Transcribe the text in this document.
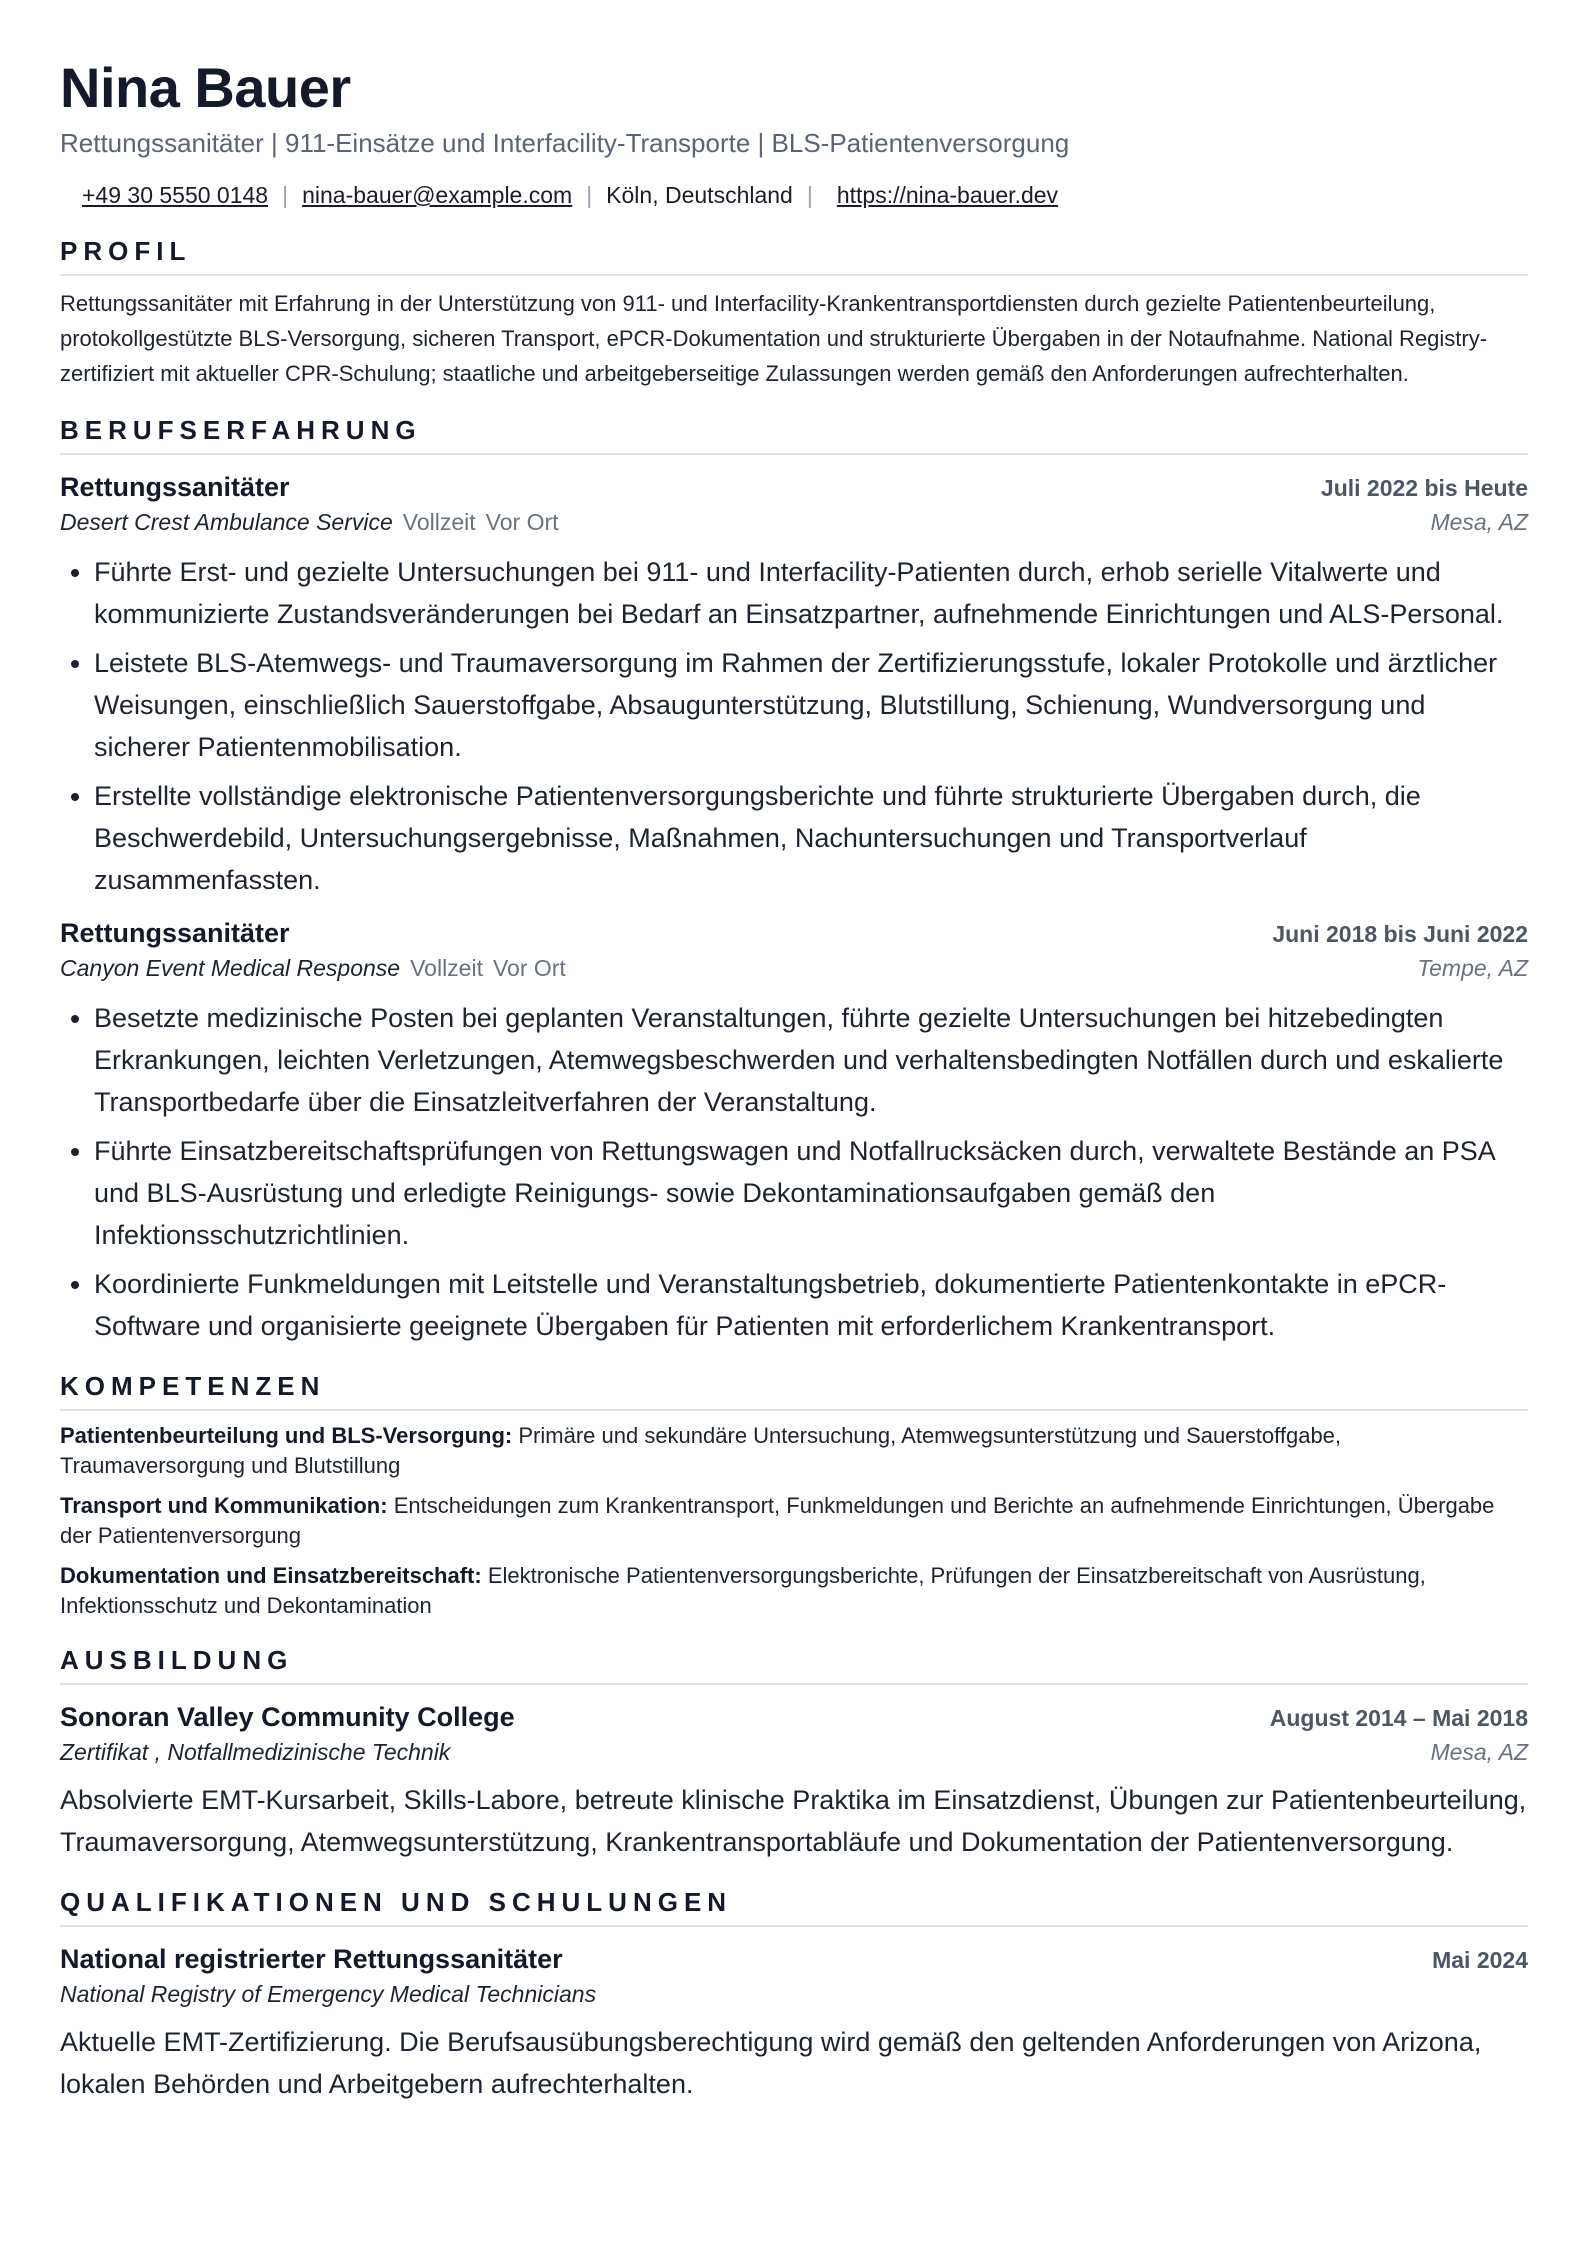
Nina Bauer
Rettungssanitäter | 911-Einsätze und Interfacility-Transporte | BLS-Patientenversorgung
+49 30 5550 0148 | nina-bauer@example.com | Köln, Deutschland | https://nina-bauer.dev
PROFIL
Rettungssanitäter mit Erfahrung in der Unterstützung von 911- und Interfacility-Krankentransportdiensten durch gezielte Patientenbeurteilung, protokollgestützte BLS-Versorgung, sicheren Transport, ePCR-Dokumentation und strukturierte Übergaben in der Notaufnahme. National Registry-zertifiziert mit aktueller CPR-Schulung; staatliche und arbeitgeberseitige Zulassungen werden gemäß den Anforderungen aufrechterhalten.
BERUFSERFAHRUNG
Rettungssanitäter	Juli 2022 bis Heute
Desert Crest Ambulance Service Vollzeit Vor Ort	Mesa, AZ
• Führte Erst- und gezielte Untersuchungen bei 911- und Interfacility-Patienten durch, erhob serielle Vitalwerte und kommunizierte Zustandsveränderungen bei Bedarf an Einsatzpartner, aufnehmende Einrichtungen und ALS-Personal.
• Leistete BLS-Atemwegs- und Traumaversorgung im Rahmen der Zertifizierungsstufe, lokaler Protokolle und ärztlicher Weisungen, einschließlich Sauerstoffgabe, Absaugunterstützung, Blutstillung, Schienung, Wundversorgung und sicherer Patientenmobilisation.
• Erstellte vollständige elektronische Patientenversorgungsberichte und führte strukturierte Übergaben durch, die Beschwerdebild, Untersuchungsergebnisse, Maßnahmen, Nachuntersuchungen und Transportverlauf zusammenfassten.
Rettungssanitäter	Juni 2018 bis Juni 2022
Canyon Event Medical Response Vollzeit Vor Ort	Tempe, AZ
• Besetzte medizinische Posten bei geplanten Veranstaltungen, führte gezielte Untersuchungen bei hitzebedingten Erkrankungen, leichten Verletzungen, Atemwegsbeschwerden und verhaltensbedingten Notfällen durch und eskalierte Transportbedarfe über die Einsatzleitverfahren der Veranstaltung.
• Führte Einsatzbereitschaftsprüfungen von Rettungswagen und Notfallrucksäcken durch, verwaltete Bestände an PSA und BLS-Ausrüstung und erledigte Reinigungs- sowie Dekontaminationsaufgaben gemäß den Infektionsschutzrichtlinien.
• Koordinierte Funkmeldungen mit Leitstelle und Veranstaltungsbetrieb, dokumentierte Patientenkontakte in ePCR-Software und organisierte geeignete Übergaben für Patienten mit erforderlichem Krankentransport.
KOMPETENZEN
Patientenbeurteilung und BLS-Versorgung: Primäre und sekundäre Untersuchung, Atemwegsunterstützung und Sauerstoffgabe, Traumaversorgung und Blutstillung
Transport und Kommunikation: Entscheidungen zum Krankentransport, Funkmeldungen und Berichte an aufnehmende Einrichtungen, Übergabe der Patientenversorgung
Dokumentation und Einsatzbereitschaft: Elektronische Patientenversorgungsberichte, Prüfungen der Einsatzbereitschaft von Ausrüstung, Infektionsschutz und Dekontamination
AUSBILDUNG
Sonoran Valley Community College	August 2014 – Mai 2018
Zertifikat , Notfallmedizinische Technik	Mesa, AZ
Absolvierte EMT-Kursarbeit, Skills-Labore, betreute klinische Praktika im Einsatzdienst, Übungen zur Patientenbeurteilung, Traumaversorgung, Atemwegsunterstützung, Krankentransportabläufe und Dokumentation der Patientenversorgung.
QUALIFIKATIONEN UND SCHULUNGEN
National registrierter Rettungssanitäter	Mai 2024
National Registry of Emergency Medical Technicians
Aktuelle EMT-Zertifizierung. Die Berufsausübungsberechtigung wird gemäß den geltenden Anforderungen von Arizona, lokalen Behörden und Arbeitgebern aufrechterhalten.
